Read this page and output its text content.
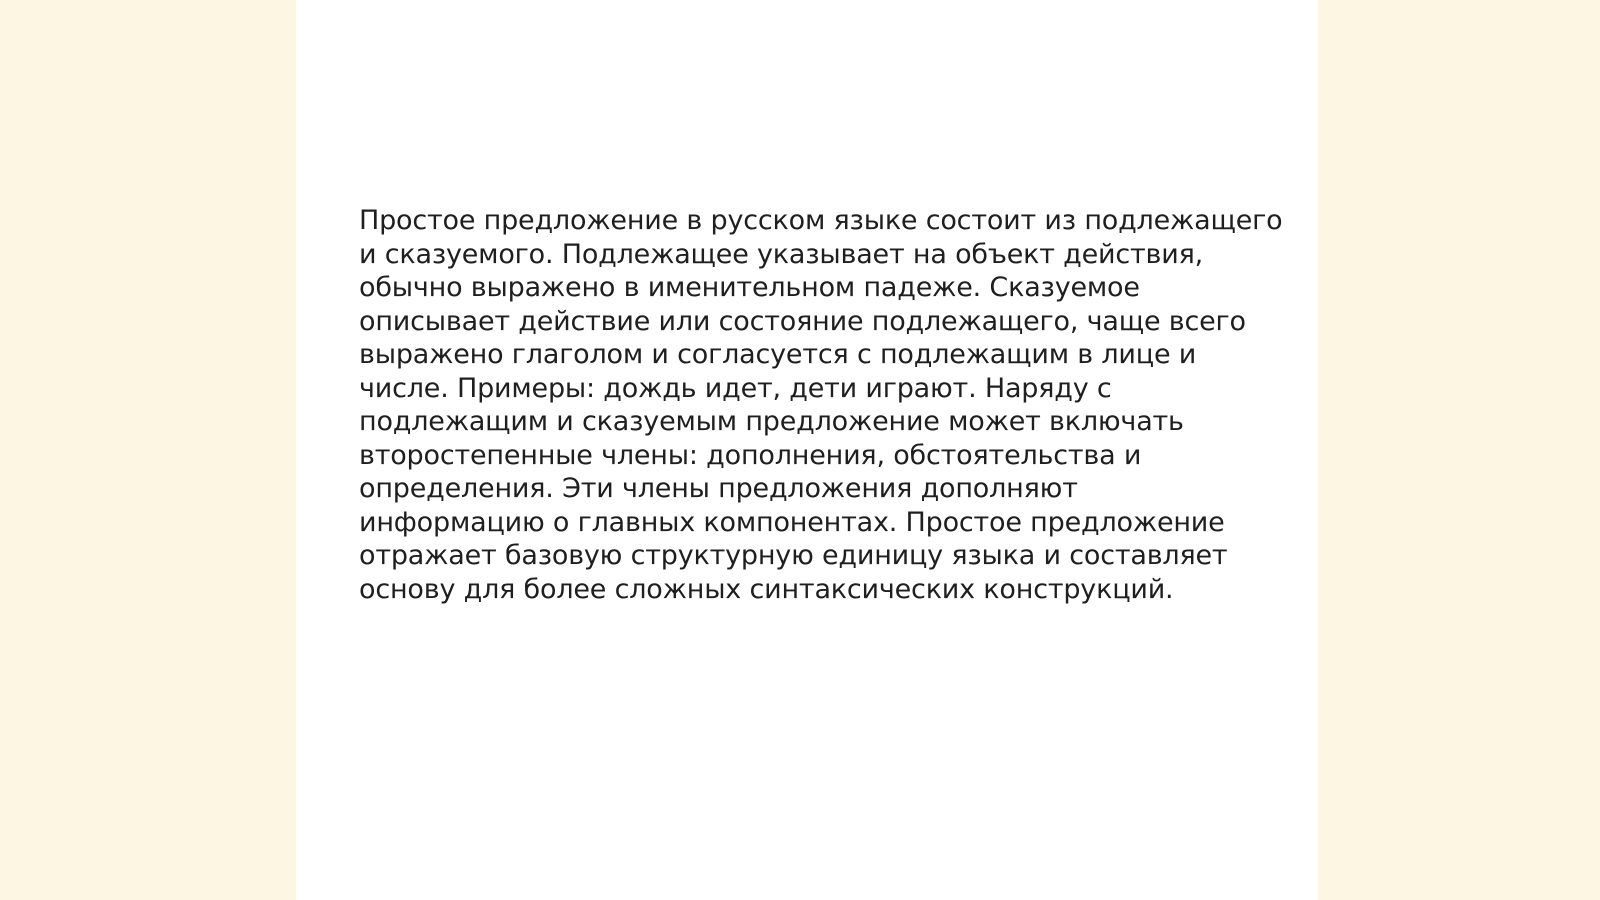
Простое предложение в русском языке состоит из подлежащего
и сказуемого. Подлежащее указывает на объект действия,
обычно выражено в именительном падеже. Сказуемое
описывает действие или состояние подлежащего, чаще всего
выражено глаголом и согласуется с подлежащим в лице и
числе. Примеры: дождь идет, дети играют. Наряду с
подлежащим и сказуемым предложение может включать
второстепенные члены: дополнения, обстоятельства и
определения. Эти члены предложения дополняют
информацию о главных компонентах. Простое предложение
отражает базовую структурную единицу языка и составляет
основу для более сложных синтаксических конструкций.
